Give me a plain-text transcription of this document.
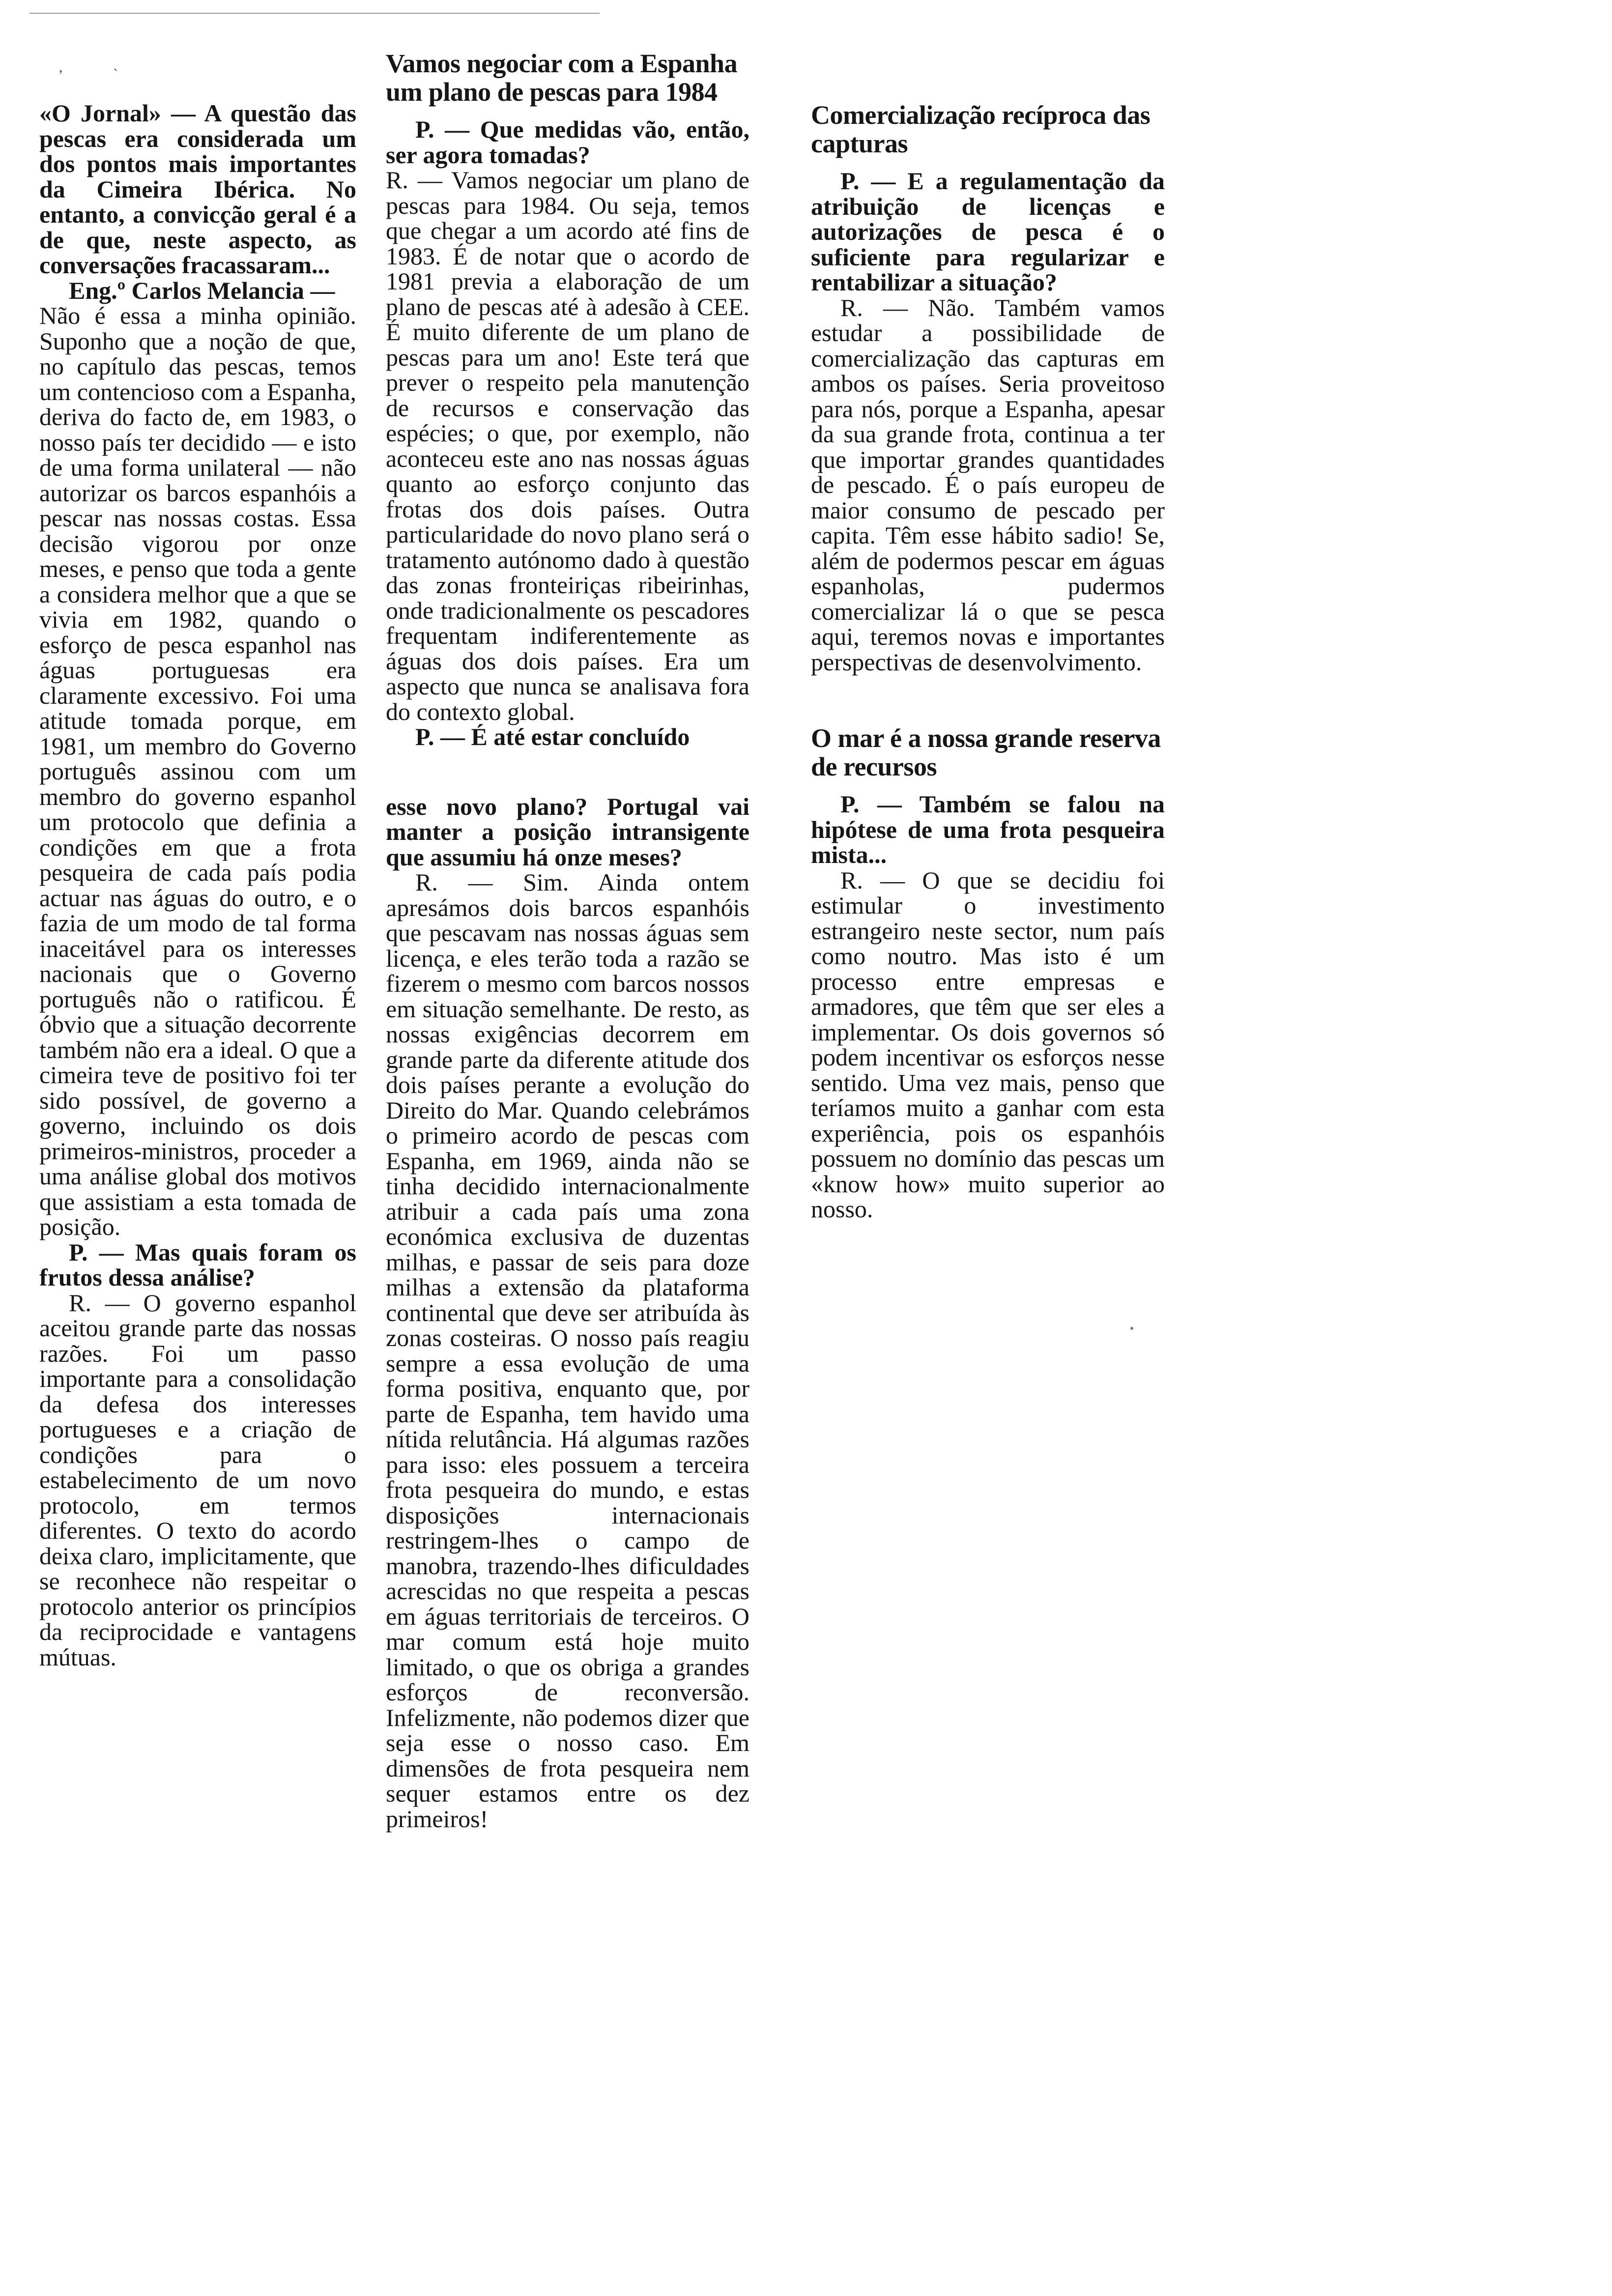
,	ˎ

«O Jornal» — A questão das pescas era considerada um dos pontos mais importantes da Cimeira Ibérica. No entanto, a convicção geral é a de que, neste aspecto, as conversações fracassaram...

Eng.º Carlos Melancia —

Não é essa a minha opinião. Suponho que a noção de que, no capítulo das pescas, temos um contencioso com a Espanha, deriva do facto de, em 1983, o nosso país ter decidido — e isto de uma forma unilateral — não autorizar os barcos espanhóis a pescar nas nossas costas. Essa decisão vigorou por onze meses, e penso que toda a gente a considera melhor que a que se vivia em 1982, quando o esforço de pesca espanhol nas águas portuguesas era claramente excessivo. Foi uma atitude tomada porque, em 1981, um membro do Governo português assinou com um membro do governo espanhol um protocolo que definia a condições em que a frota pesqueira de cada país podia actuar nas águas do outro, e o fazia de um modo de tal forma inaceitável para os interesses nacionais que o Governo português não o ratificou. É óbvio que a situação decorrente também não era a ideal. O que a cimeira teve de positivo foi ter sido possível, de governo a governo, incluindo os dois primeiros-ministros, proceder a uma análise global dos motivos que assistiam a esta tomada de posição.

P. — Mas quais foram os frutos dessa análise?

R. — O governo espanhol aceitou grande parte das nossas razões. Foi um passo importante para a consolidação da defesa dos interesses portugueses e a criação de condições para o estabelecimento de um novo protocolo, em termos diferentes. O texto do acordo deixa claro, implicitamente, que se reconhece não respeitar o protocolo anterior os princípios da reciprocidade e vantagens mútuas.

Vamos negociar com a Espanha um plano de pescas para 1984

P. — Que medidas vão, então, ser agora tomadas?

R. — Vamos negociar um plano de pescas para 1984. Ou seja, temos que chegar a um acordo até fins de 1983. É de notar que o acordo de 1981 previa a elaboração de um plano de pescas até à adesão à CEE. É muito diferente de um plano de pescas para um ano! Este terá que prever o respeito pela manutenção de recursos e conservação das espécies; o que, por exemplo, não aconteceu este ano nas nossas águas quanto ao esforço conjunto das frotas dos dois países. Outra particularidade do novo plano será o tratamento autónomo dado à questão das zonas fronteiriças ribeirinhas, onde tradicionalmente os pescadores frequentam indiferentemente as águas dos dois países. Era um aspecto que nunca se analisava fora do contexto global.

P. — É até estar concluído

esse novo plano? Portugal vai manter a posição intransigente que assumiu há onze meses?

R. — Sim. Ainda ontem apresámos dois barcos espanhóis que pescavam nas nossas águas sem licença, e eles terão toda a razão se fizerem o mesmo com barcos nossos em situação semelhante. De resto, as nossas exigências decorrem em grande parte da diferente atitude dos dois países perante a evolução do Direito do Mar. Quando celebrámos o primeiro acordo de pescas com Espanha, em 1969, ainda não se tinha decidido internacionalmente atribuir a cada país uma zona económica exclusiva de duzentas milhas, e passar de seis para doze milhas a extensão da plataforma continental que deve ser atribuída às zonas costeiras. O nosso país reagiu sempre a essa evolução de uma forma positiva, enquanto que, por parte de Espanha, tem havido uma nítida relutância. Há algumas razões para isso: eles possuem a terceira frota pesqueira do mundo, e estas disposições internacionais restringem-lhes o campo de manobra, trazendo-lhes dificuldades acrescidas no que respeita a pescas em águas territoriais de terceiros. O mar comum está hoje muito limitado, o que os obriga a grandes esforços de reconversão. Infelizmente, não podemos dizer que seja esse o nosso caso. Em dimensões de frota pesqueira nem sequer estamos entre os dez primeiros!

Comercialização recíproca das capturas

P. — E a regulamentação da atribuição de licenças e autorizações de pesca é o suficiente para regularizar e rentabilizar a situação?

R. — Não. Também vamos estudar a possibilidade de comercialização das capturas em ambos os países. Seria proveitoso para nós, porque a Espanha, apesar da sua grande frota, continua a ter que importar grandes quantidades de pescado. É o país europeu de maior consumo de pescado per capita. Têm esse hábito sadio! Se, além de podermos pescar em águas espanholas, pudermos comercializar lá o que se pesca aqui, teremos novas e importantes perspectivas de desenvolvimento.

O mar é a nossa grande reserva de recursos

P. — Também se falou na hipótese de uma frota pesqueira mista...

R. — O que se decidiu foi estimular o investimento estrangeiro neste sector, num país como noutro. Mas isto é um processo entre empresas e armadores, que têm que ser eles a implementar. Os dois governos só podem incentivar os esforços nesse sentido. Uma vez mais, penso que teríamos muito a ganhar com esta experiência, pois os espanhóis possuem no domínio das pescas um «know how» muito superior ao nosso.
